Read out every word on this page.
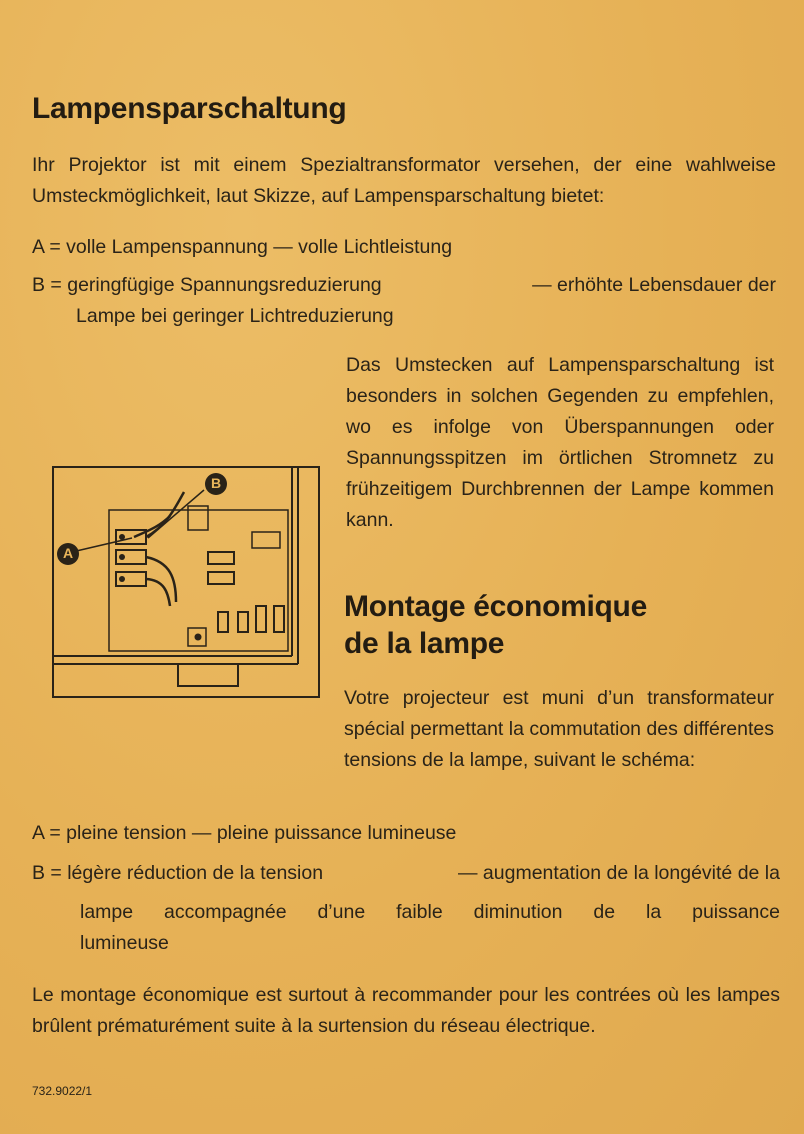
Lampensparschaltung
Ihr Projektor ist mit einem Spezialtransformator versehen, der eine wahlweise Umsteckmöglichkeit, laut Skizze, auf Lampensparschaltung bietet:
A = volle Lampenspannung — volle Lichtleistung
B = geringfügige Spannungsreduzierung	— erhöhte Lebensdauer der
Lampe bei geringer Lichtreduzierung
Das Umstecken auf Lampensparschaltung ist besonders in solchen Gegenden zu empfehlen, wo es infolge von Überspannungen oder Spannungsspitzen im örtlichen Stromnetz zu frühzeitigem Durchbrennen der Lampe kommen kann.
A
B
Montage économique
de la lampe
Votre projecteur est muni d’un transformateur spécial permettant la commutation des différentes tensions de la lampe, suivant le schéma:
A = pleine tension — pleine puissance lumineuse
B = légère réduction de la tension	— augmentation de la longévité de la
lampe accompagnée d’une faible diminution de la puissance
lumineuse
Le montage économique est surtout à recommander pour les contrées où les lampes brûlent prématurément suite à la surtension du réseau électrique.
732.9022/1
